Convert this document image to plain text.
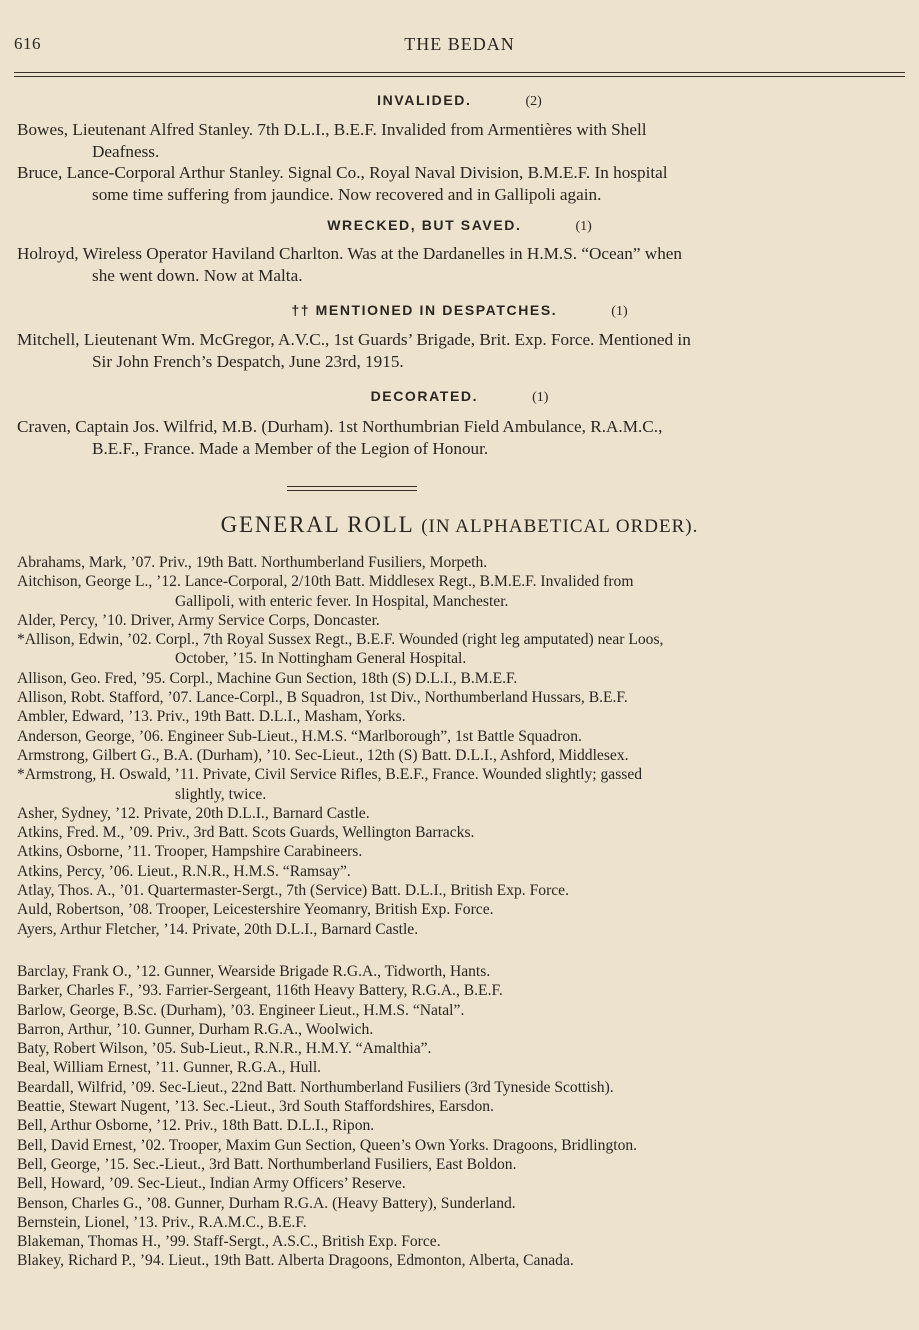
616	THE BEDAN
INVALIDED.	(2)
Bowes, Lieutenant Alfred Stanley. 7th D.L.I., B.E.F. Invalided from Armentières with Shell
Deafness.
Bruce, Lance-Corporal Arthur Stanley. Signal Co., Royal Naval Division, B.M.E.F. In hospital
some time suffering from jaundice. Now recovered and in Gallipoli again.
WRECKED, BUT SAVED.	(1)
Holroyd, Wireless Operator Haviland Charlton. Was at the Dardanelles in H.M.S. “Ocean” when
she went down. Now at Malta.
†† MENTIONED IN DESPATCHES.	(1)
Mitchell, Lieutenant Wm. McGregor, A.V.C., 1st Guards’ Brigade, Brit. Exp. Force. Mentioned in
Sir John French’s Despatch, June 23rd, 1915.
DECORATED.	(1)
Craven, Captain Jos. Wilfrid, M.B. (Durham). 1st Northumbrian Field Ambulance, R.A.M.C.,
B.E.F., France. Made a Member of the Legion of Honour.
GENERAL ROLL (IN ALPHABETICAL ORDER).
Abrahams, Mark, ’07. Priv., 19th Batt. Northumberland Fusiliers, Morpeth.
Aitchison, George L., ’12. Lance-Corporal, 2/10th Batt. Middlesex Regt., B.M.E.F. Invalided from
Gallipoli, with enteric fever. In Hospital, Manchester.
Alder, Percy, ’10. Driver, Army Service Corps, Doncaster.
*Allison, Edwin, ’02. Corpl., 7th Royal Sussex Regt., B.E.F. Wounded (right leg amputated) near Loos,
October, ’15. In Nottingham General Hospital.
Allison, Geo. Fred, ’95. Corpl., Machine Gun Section, 18th (S) D.L.I., B.M.E.F.
Allison, Robt. Stafford, ’07. Lance-Corpl., B Squadron, 1st Div., Northumberland Hussars, B.E.F.
Ambler, Edward, ’13. Priv., 19th Batt. D.L.I., Masham, Yorks.
Anderson, George, ’06. Engineer Sub-Lieut., H.M.S. “Marlborough”, 1st Battle Squadron.
Armstrong, Gilbert G., B.A. (Durham), ’10. Sec-Lieut., 12th (S) Batt. D.L.I., Ashford, Middlesex.
*Armstrong, H. Oswald, ’11. Private, Civil Service Rifles, B.E.F., France. Wounded slightly; gassed
slightly, twice.
Asher, Sydney, ’12. Private, 20th D.L.I., Barnard Castle.
Atkins, Fred. M., ’09. Priv., 3rd Batt. Scots Guards, Wellington Barracks.
Atkins, Osborne, ’11. Trooper, Hampshire Carabineers.
Atkins, Percy, ’06. Lieut., R.N.R., H.M.S. “Ramsay”.
Atlay, Thos. A., ’01. Quartermaster-Sergt., 7th (Service) Batt. D.L.I., British Exp. Force.
Auld, Robertson, ’08. Trooper, Leicestershire Yeomanry, British Exp. Force.
Ayers, Arthur Fletcher, ’14. Private, 20th D.L.I., Barnard Castle.
Barclay, Frank O., ’12. Gunner, Wearside Brigade R.G.A., Tidworth, Hants.
Barker, Charles F., ’93. Farrier-Sergeant, 116th Heavy Battery, R.G.A., B.E.F.
Barlow, George, B.Sc. (Durham), ’03. Engineer Lieut., H.M.S. “Natal”.
Barron, Arthur, ’10. Gunner, Durham R.G.A., Woolwich.
Baty, Robert Wilson, ’05. Sub-Lieut., R.N.R., H.M.Y. “Amalthia”.
Beal, William Ernest, ’11. Gunner, R.G.A., Hull.
Beardall, Wilfrid, ’09. Sec-Lieut., 22nd Batt. Northumberland Fusiliers (3rd Tyneside Scottish).
Beattie, Stewart Nugent, ’13. Sec.-Lieut., 3rd South Staffordshires, Earsdon.
Bell, Arthur Osborne, ’12. Priv., 18th Batt. D.L.I., Ripon.
Bell, David Ernest, ’02. Trooper, Maxim Gun Section, Queen’s Own Yorks. Dragoons, Bridlington.
Bell, George, ’15. Sec.-Lieut., 3rd Batt. Northumberland Fusiliers, East Boldon.
Bell, Howard, ’09. Sec-Lieut., Indian Army Officers’ Reserve.
Benson, Charles G., ’08. Gunner, Durham R.G.A. (Heavy Battery), Sunderland.
Bernstein, Lionel, ’13. Priv., R.A.M.C., B.E.F.
Blakeman, Thomas H., ’99. Staff-Sergt., A.S.C., British Exp. Force.
Blakey, Richard P., ’94. Lieut., 19th Batt. Alberta Dragoons, Edmonton, Alberta, Canada.
